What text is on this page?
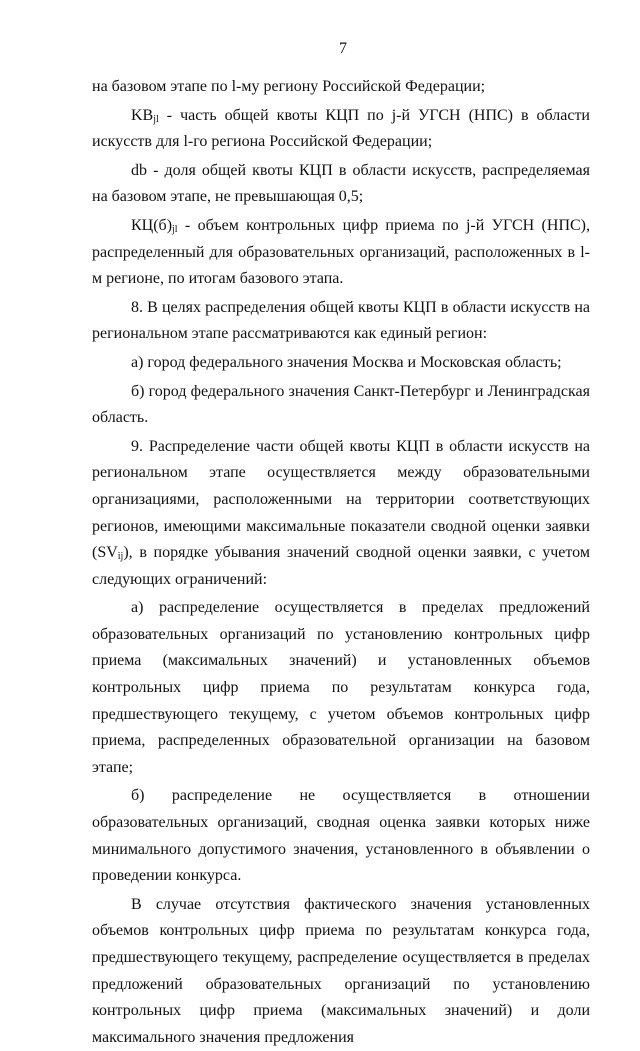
7

на базовом этапе по l-му региону Российской Федерации;

$KB_{jl}$ - часть общей квоты КЦП по j-й УГСН (НПС) в области искусств для l-го региона Российской Федерации;

db - доля общей квоты КЦП в области искусств, распределяемая на базовом этапе, не превышающая 0,5;

$КЦ(б)_{jl}$ - объем контрольных цифр приема по j-й УГСН (НПС), распределенный для образовательных организаций, расположенных в l-м регионе, по итогам базового этапа.

8. В целях распределения общей квоты КЦП в области искусств на региональном этапе рассматриваются как единый регион:

а) город федерального значения Москва и Московская область;

б) город федерального значения Санкт-Петербург и Ленинградская область.

9. Распределение части общей квоты КЦП в области искусств на региональном этапе осуществляется между образовательными организациями, расположенными на территории соответствующих регионов, имеющими максимальные показатели сводной оценки заявки $(SV_{ij})$, в порядке убывания значений сводной оценки заявки, с учетом следующих ограничений:

а) распределение осуществляется в пределах предложений образовательных организаций по установлению контрольных цифр приема (максимальных значений) и установленных объемов контрольных цифр приема по результатам конкурса года, предшествующего текущему, с учетом объемов контрольных цифр приема, распределенных образовательной организации на базовом этапе;

б) распределение не осуществляется в отношении образовательных организаций, сводная оценка заявки которых ниже минимального допустимого значения, установленного в объявлении о проведении конкурса.

В случае отсутствия фактического значения установленных объемов контрольных цифр приема по результатам конкурса года, предшествующего текущему, распределение осуществляется в пределах предложений образовательных организаций по установлению контрольных цифр приема (максимальных значений) и доли максимального значения предложения
